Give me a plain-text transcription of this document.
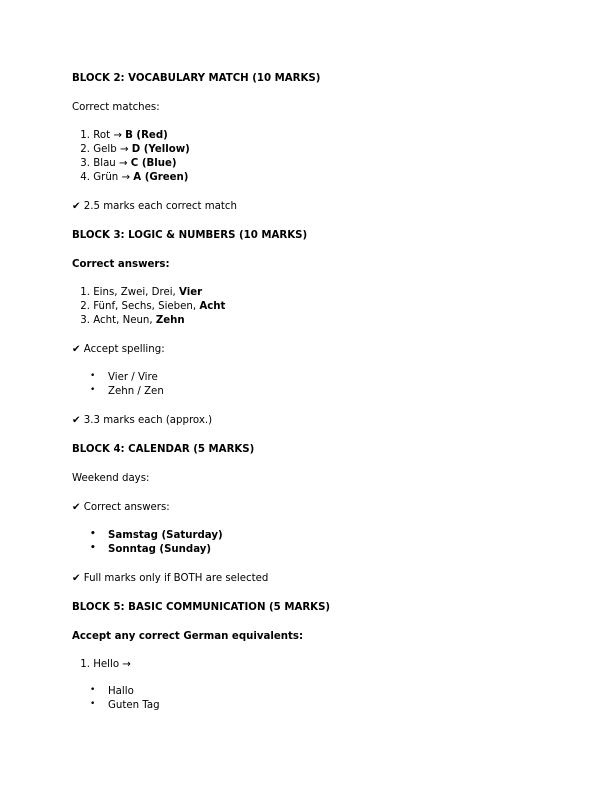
BLOCK 2: VOCABULARY MATCH (10 MARKS)
Correct matches:
1. Rot → B (Red)
2. Gelb → D (Yellow)
3. Blau → C (Blue)
4. Grün → A (Green)
✔ 2.5 marks each correct match
BLOCK 3: LOGIC & NUMBERS (10 MARKS)
Correct answers:
1. Eins, Zwei, Drei, Vier
2. Fünf, Sechs, Sieben, Acht
3. Acht, Neun, Zehn
✔ Accept spelling:
• Vier / Vire
• Zehn / Zen
✔ 3.3 marks each (approx.)
BLOCK 4: CALENDAR (5 MARKS)
Weekend days:
✔ Correct answers:
• Samstag (Saturday)
• Sonntag (Sunday)
✔ Full marks only if BOTH are selected
BLOCK 5: BASIC COMMUNICATION (5 MARKS)
Accept any correct German equivalents:
1. Hello →
• Hallo
• Guten Tag
